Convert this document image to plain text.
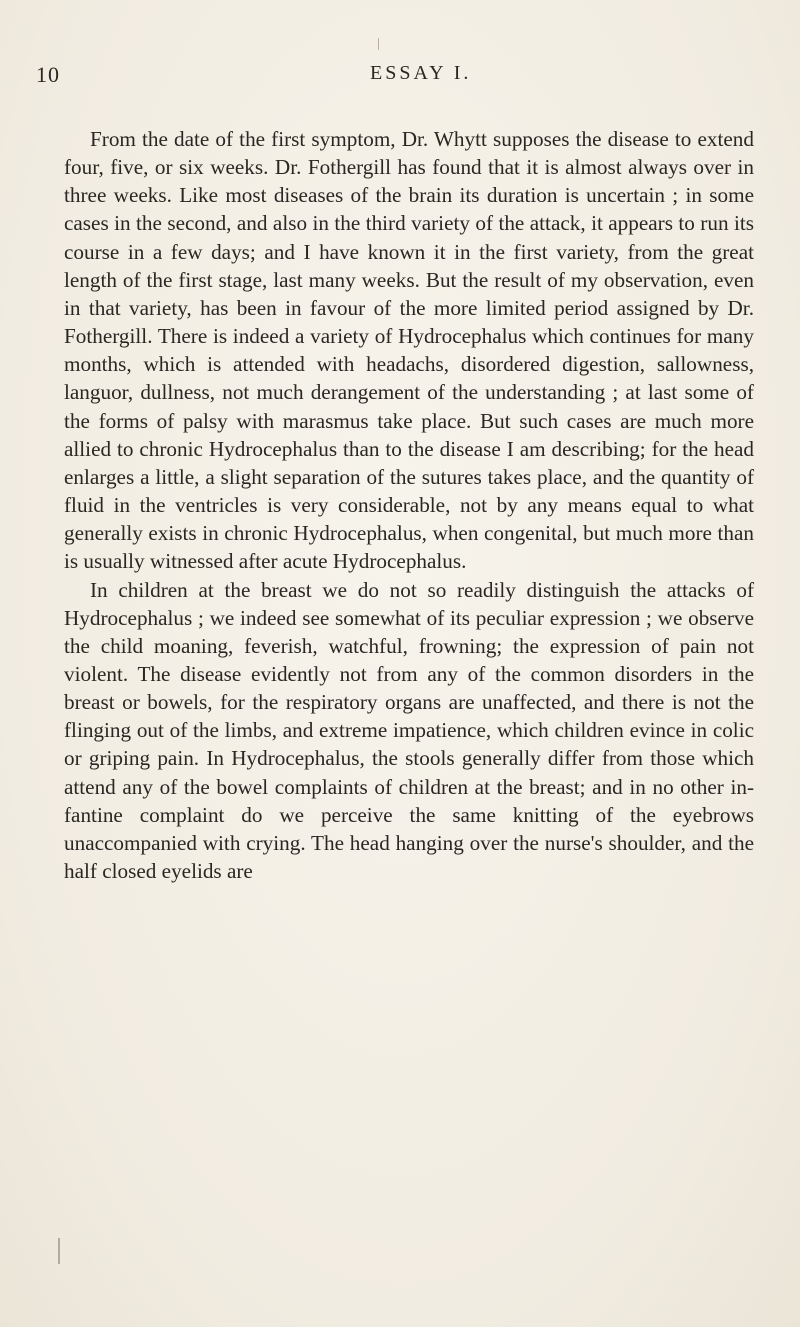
10	ESSAY I.

From the date of the first symptom, Dr. Whytt supposes the disease to extend four, five, or six weeks. Dr. Fothergill has found that it is almost always over in three weeks. Like most diseases of the brain its duration is uncertain ; in some cases in the second, and also in the third variety of the attack, it appears to run its course in a few days; and I have known it in the first variety, from the great length of the first stage, last many weeks. But the result of my observation, even in that variety, has been in favour of the more limited period assigned by Dr. Fothergill. There is indeed a variety of Hydrocephalus which continues for many months, which is attended with headachs, disordered digestion, sallowness, languor, dullness, not much derangement of the understanding ; at last some of the forms of palsy with marasmus take place. But such cases are much more allied to chronic Hydrocephalus than to the disease I am describing; for the head enlarges a little, a slight separation of the sutures takes place, and the quantity of fluid in the ventricles is very considerable, not by any means equal to what generally exists in chronic Hydrocephalus, when congenital, but much more than is usually witnessed after acute Hydrocephalus.

In children at the breast we do not so readily distinguish the attacks of Hydrocephalus ; we indeed see somewhat of its peculiar expression ; we observe the child moaning, feverish, watchful, frowning; the expression of pain not violent. The disease evidently not from any of the common disorders in the breast or bowels, for the respiratory organs are unaffected, and there is not the flinging out of the limbs, and extreme impatience, which children evince in colic or griping pain. In Hydrocephalus, the stools generally differ from those which attend any of the bowel complaints of children at the breast; and in no other infantine complaint do we perceive the same knitting of the eyebrows unaccompanied with crying. The head hanging over the nurse's shoulder, and the half closed eyelids are
